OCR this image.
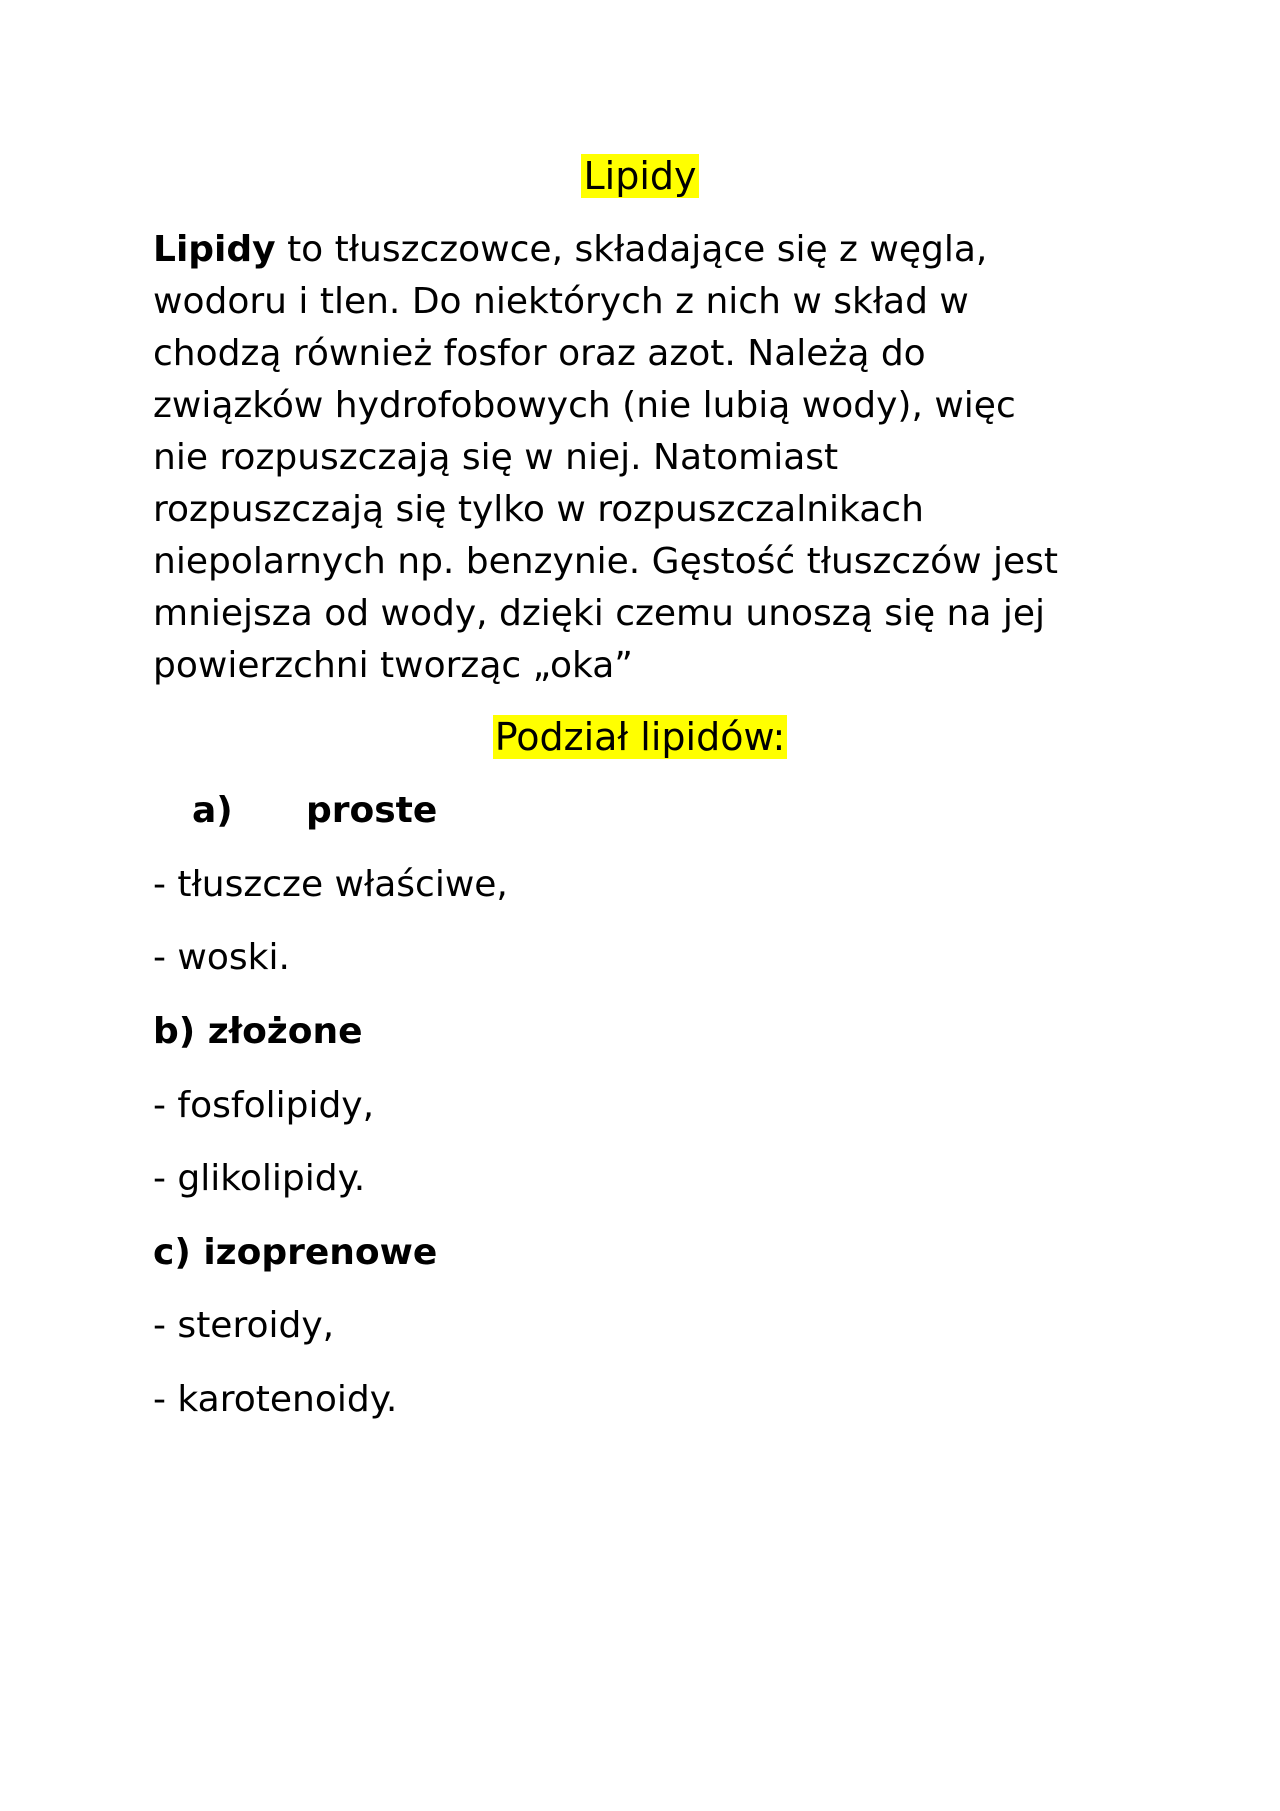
Lipidy
Lipidy to tłuszczowce, składające się z węgla,
wodoru i tlen. Do niektórych z nich w skład w
chodzą również fosfor oraz azot. Należą do
związków hydrofobowych (nie lubią wody), więc
nie rozpuszczają się w niej. Natomiast
rozpuszczają się tylko w rozpuszczalnikach
niepolarnych np. benzynie. Gęstość tłuszczów jest
mniejsza od wody, dzięki czemu unoszą się na jej
powierzchni tworząc „oka”
Podział lipidów:
a) proste
- tłuszcze właściwe,
- woski.
b) złożone
- fosfolipidy,
- glikolipidy.
c) izoprenowe
- steroidy,
- karotenoidy.
